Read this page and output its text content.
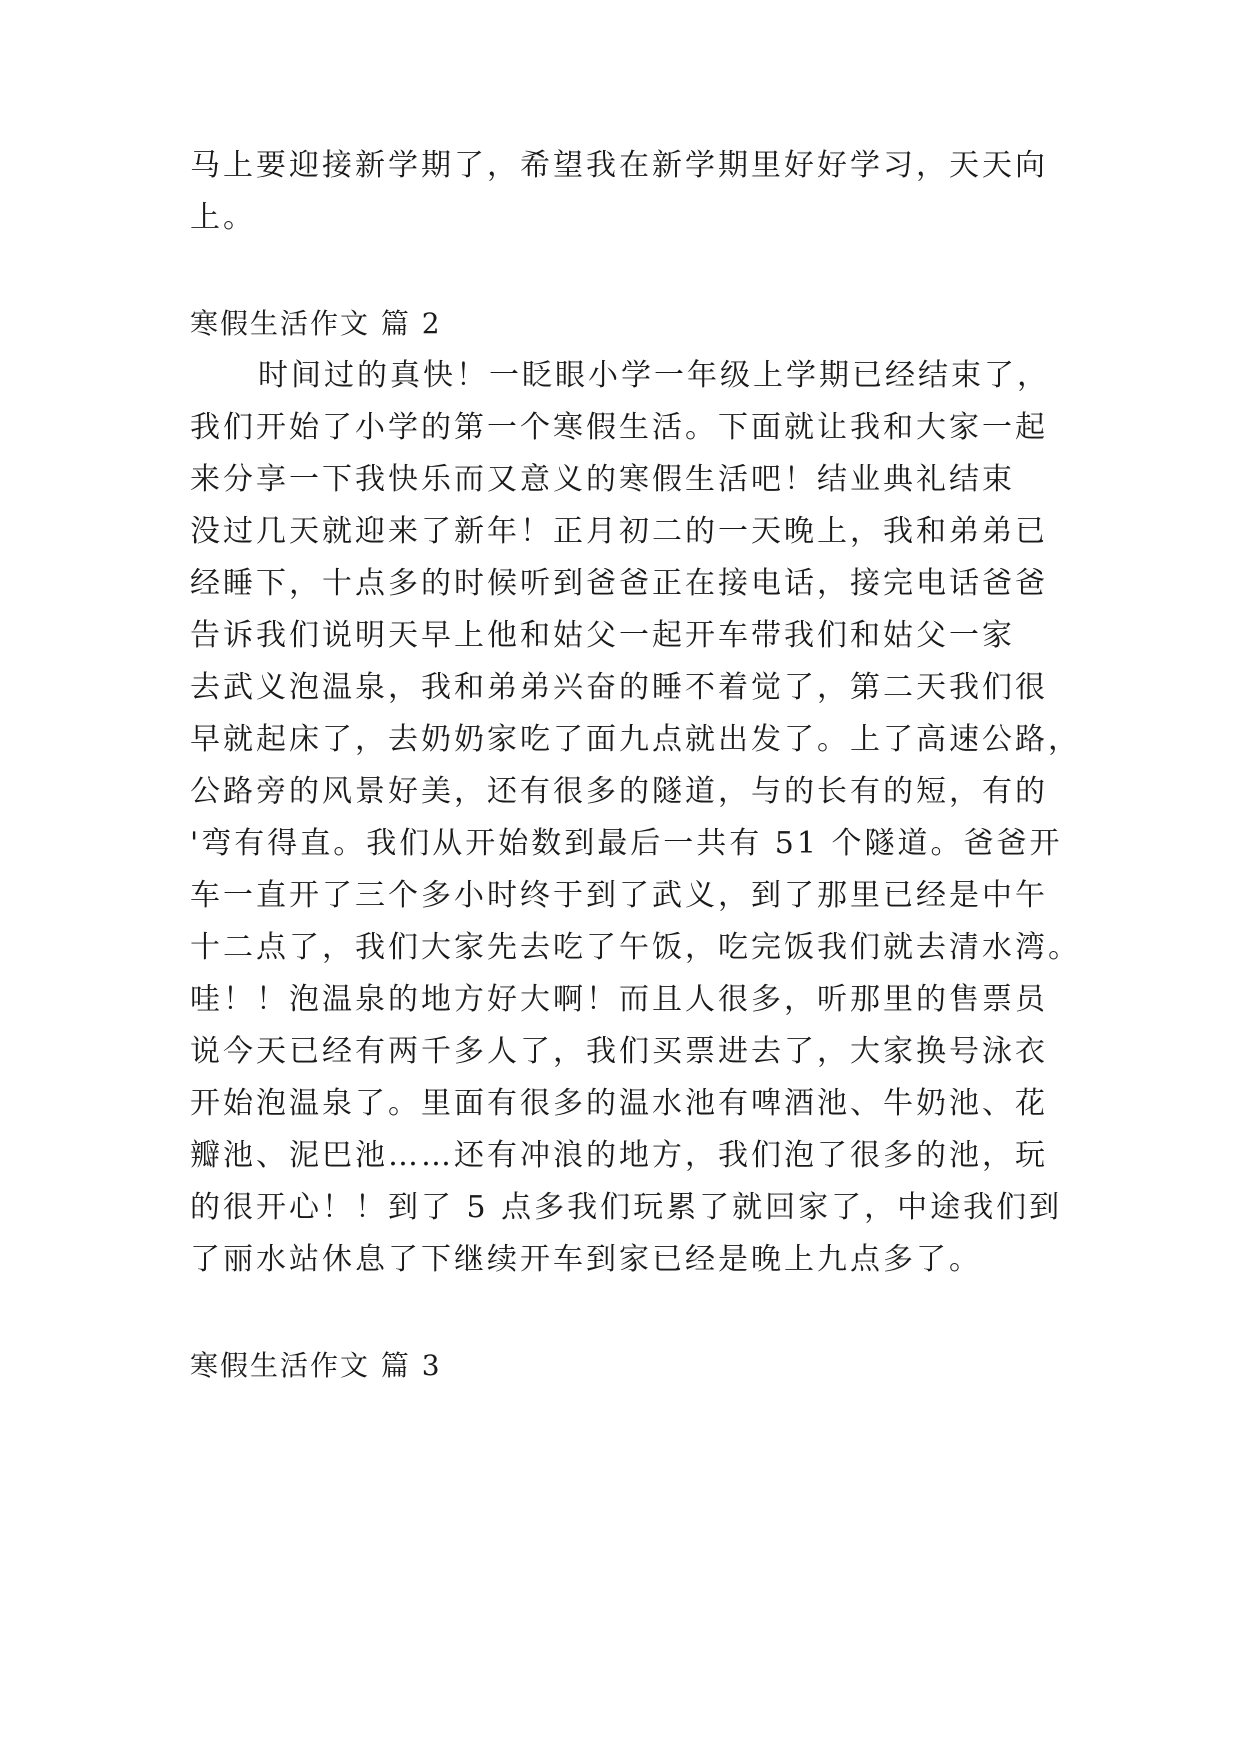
马上要迎接新学期了，希望我在新学期里好好学习，天天向
上。
寒假生活作文 篇 2
时间过的真快！一眨眼小学一年级上学期已经结束了，
我们开始了小学的第一个寒假生活。下面就让我和大家一起
来分享一下我快乐而又意义的寒假生活吧！结业典礼结束
没过几天就迎来了新年！正月初二的一天晚上，我和弟弟已
经睡下，十点多的时候听到爸爸正在接电话，接完电话爸爸
告诉我们说明天早上他和姑父一起开车带我们和姑父一家
去武义泡温泉，我和弟弟兴奋的睡不着觉了，第二天我们很
早就起床了，去奶奶家吃了面九点就出发了。上了高速公路，
公路旁的风景好美，还有很多的隧道，与的长有的短，有的
'弯有得直。我们从开始数到最后一共有 51 个隧道。爸爸开
车一直开了三个多小时终于到了武义，到了那里已经是中午
十二点了，我们大家先去吃了午饭，吃完饭我们就去清水湾。
哇！！泡温泉的地方好大啊！而且人很多，听那里的售票员
说今天已经有两千多人了，我们买票进去了，大家换号泳衣
开始泡温泉了。里面有很多的温水池有啤酒池、牛奶池、花
瓣池、泥巴池……还有冲浪的地方，我们泡了很多的池，玩
的很开心！！到了 5 点多我们玩累了就回家了，中途我们到
了丽水站休息了下继续开车到家已经是晚上九点多了。
寒假生活作文 篇 3
